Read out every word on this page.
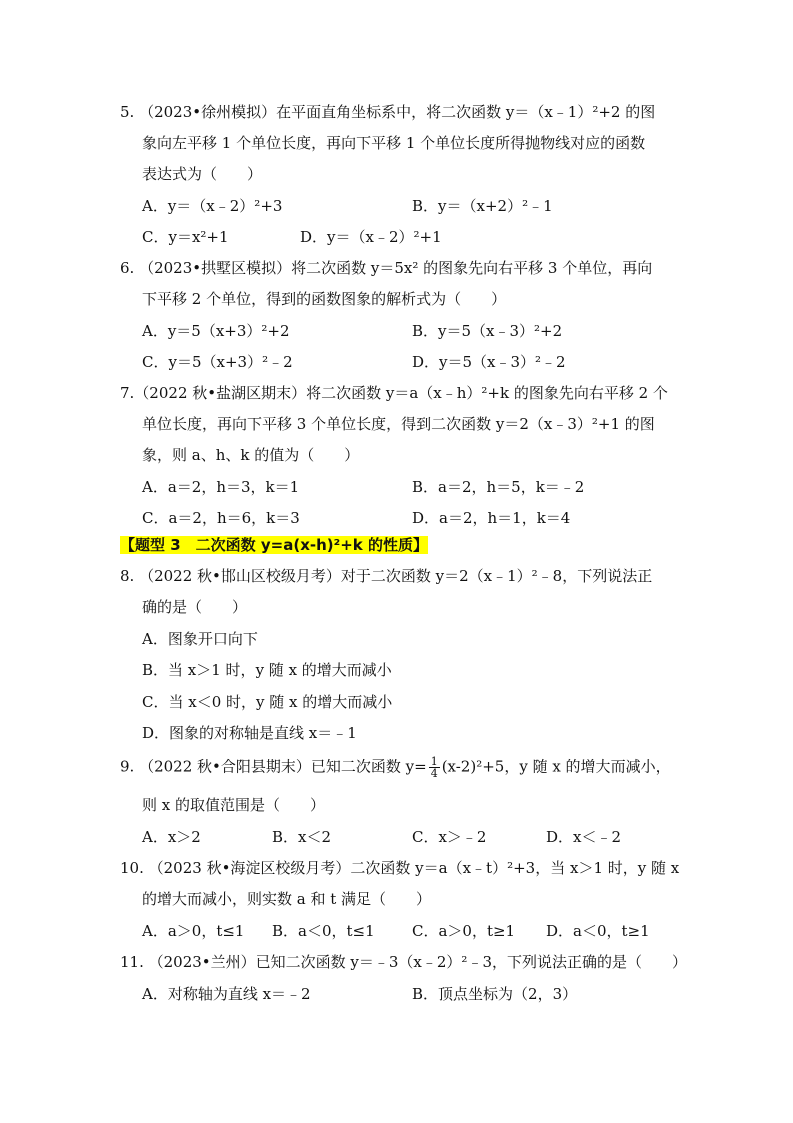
5. （2023•徐州模拟）在平面直角坐标系中，将二次函数 y＝（x﹣1）²+2 的图
象向左平移 1 个单位长度，再向下平移 1 个单位长度所得抛物线对应的函数
表达式为（　　）
A．y＝（x﹣2）²+3	B．y＝（x+2）²﹣1
C．y＝x²+1	D．y＝（x﹣2）²+1
6. （2023•拱墅区模拟）将二次函数 y＝5x² 的图象先向右平移 3 个单位，再向
下平移 2 个单位，得到的函数图象的解析式为（　　）
A．y＝5（x+3）²+2	B．y＝5（x﹣3）²+2
C．y＝5（x+3）²﹣2	D．y＝5（x﹣3）²﹣2
7.（2022 秋•盐湖区期末）将二次函数 y＝a（x﹣h）²+k 的图象先向右平移 2 个
单位长度，再向下平移 3 个单位长度，得到二次函数 y＝2（x﹣3）²+1 的图
象，则 a、h、k 的值为（　　）
A．a＝2，h＝3，k＝1	B．a＝2，h＝5，k＝﹣2
C．a＝2，h＝6，k＝3	D．a＝2，h＝1，k＝4
【题型 3　二次函数 y=a(x-h)²+k 的性质】
8. （2022 秋•邯山区校级月考）对于二次函数 y＝2（x﹣1）²﹣8，下列说法正
确的是（　　）
A．图象开口向下
B．当 x＞1 时，y 随 x 的增大而减小
C．当 x＜0 时，y 随 x 的增大而减小
D．图象的对称轴是直线 x＝﹣1
9. （2022 秋•合阳县期末）已知二次函数 $y= \frac{1}{4} (x-2)^2+5$，y 随 x 的增大而减小，
则 x 的取值范围是（　　）
A．x＞2	B．x＜2	C．x＞﹣2	D．x＜﹣2
10. （2023 秋•海淀区校级月考）二次函数 y＝a（x﹣t）²+3，当 x＞1 时，y 随 x
的增大而减小，则实数 a 和 t 满足（　　）
A．a＞0，t≤1 B．a＜0，t≤1 C．a＞0，t≥1 D．a＜0，t≥1
11. （2023•兰州）已知二次函数 y＝﹣3（x﹣2）²﹣3，下列说法正确的是（　　）
A．对称轴为直线 x＝﹣2	B．顶点坐标为（2，3）
